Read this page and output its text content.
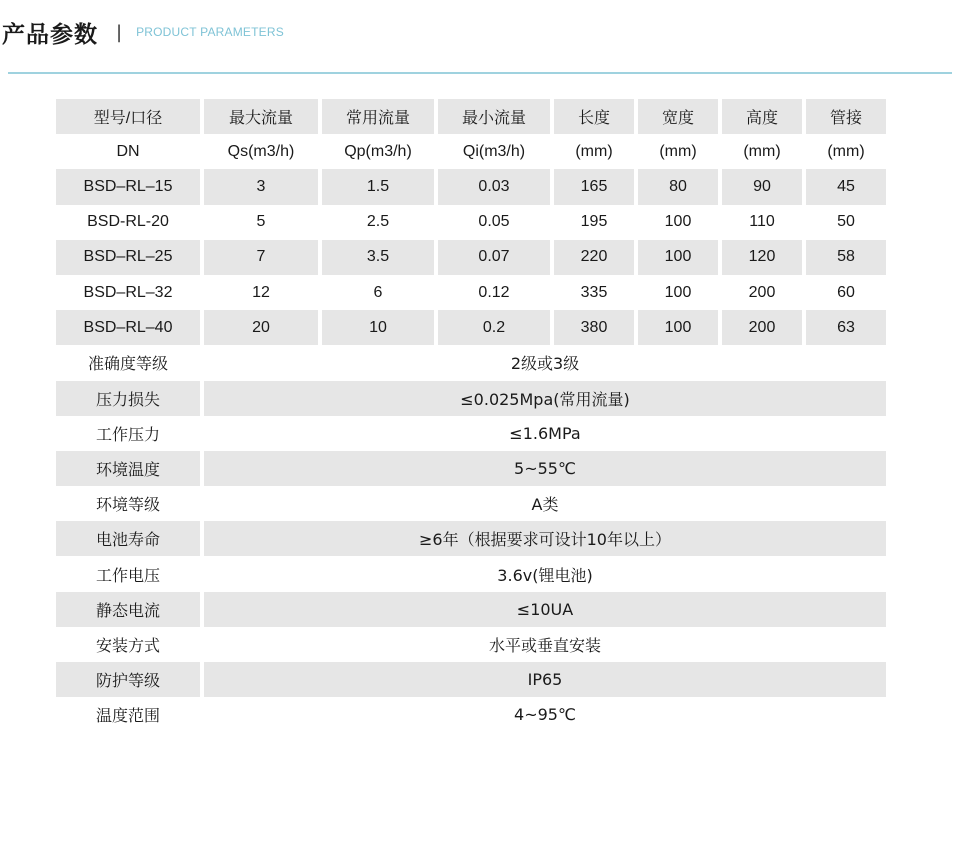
产品参数 | PRODUCT PARAMETERS
型号/口径	最大流量	常用流量	最小流量	长度	宽度	高度	管接
DN	Qs(m3/h)	Qp(m3/h)	Qi(m3/h)	(mm)	(mm)	(mm)	(mm)
BSD–RL–15	3	1.5	0.03	165	80	90	45
BSD-RL-20	5	2.5	0.05	195	100	110	50
BSD–RL–25	7	3.5	0.07	220	100	120	58
BSD–RL–32	12	6	0.12	335	100	200	60
BSD–RL–40	20	10	0.2	380	100	200	63
准确度等级	2级或3级						
压力损失	≤0.025Mpa(常用流量)						
工作压力	≤1.6MPa						
环境温度	5~55℃						
环境等级	A类						
电池寿命	≥6年（根据要求可设计10年以上）						
工作电压	3.6v(锂电池)						
静态电流	≤10UA						
安装方式	水平或垂直安装						
防护等级	IP65						
温度范围	4~95℃						
